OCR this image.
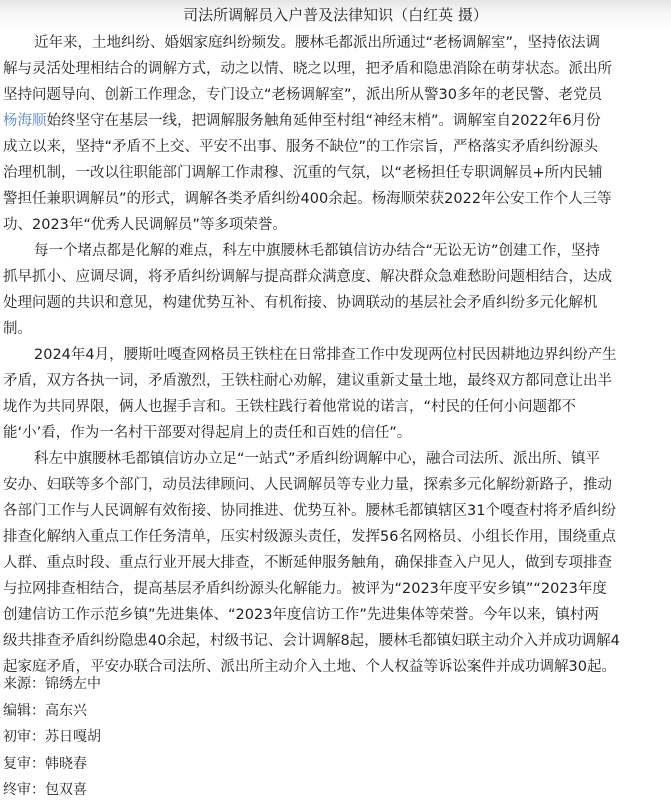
司法所调解员入户普及法律知识（白红英 摄）

近年来，土地纠纷、婚姻家庭纠纷频发。腰林毛都派出所通过“老杨调解室”，坚持依法调
解与灵活处理相结合的调解方式，动之以情、晓之以理，把矛盾和隐患消除在萌芽状态。派出所
坚持问题导向、创新工作理念，专门设立“老杨调解室”，派出所从警30多年的老民警、老党员
杨海顺始终坚守在基层一线，把调解服务触角延伸至村组“神经末梢”。调解室自2022年6月份
成立以来，坚持“矛盾不上交、平安不出事、服务不缺位”的工作宗旨，严格落实矛盾纠纷源头
治理机制，一改以往职能部门调解工作肃穆、沉重的气氛，以“老杨担任专职调解员+所内民辅
警担任兼职调解员”的形式，调解各类矛盾纠纷400余起。杨海顺荣获2022年公安工作个人三等
功、2023年“优秀人民调解员”等多项荣誉。

每一个堵点都是化解的难点，科左中旗腰林毛都镇信访办结合“无讼无访”创建工作，坚持
抓早抓小、应调尽调，将矛盾纠纷调解与提高群众满意度、解决群众急难愁盼问题相结合，达成
处理问题的共识和意见，构建优势互补、有机衔接、协调联动的基层社会矛盾纠纷多元化解机
制。

2024年4月，腰斯吐嘎查网格员王铁柱在日常排查工作中发现两位村民因耕地边界纠纷产生
矛盾，双方各执一词，矛盾激烈，王铁柱耐心劝解，建议重新丈量土地，最终双方都同意让出半
垅作为共同界限，俩人也握手言和。王铁柱践行着他常说的诺言，“村民的任何小问题都不
能‘小’看，作为一名村干部要对得起肩上的责任和百姓的信任”。

科左中旗腰林毛都镇信访办立足“一站式”矛盾纠纷调解中心，融合司法所、派出所、镇平
安办、妇联等多个部门，动员法律顾问、人民调解员等专业力量，探索多元化解纷新路子，推动
各部门工作与人民调解有效衔接、协同推进、优势互补。腰林毛都镇辖区31个嘎查村将矛盾纠纷
排查化解纳入重点工作任务清单，压实村级源头责任，发挥56名网格员、小组长作用，围绕重点
人群、重点时段、重点行业开展大排查，不断延伸服务触角，确保排查入户见人，做到专项排查
与拉网排查相结合，提高基层矛盾纠纷源头化解能力。被评为“2023年度平安乡镇”“2023年度
创建信访工作示范乡镇”先进集体、“2023年度信访工作”先进集体等荣誉。今年以来，镇村两
级共排查矛盾纠纷隐患40余起，村级书记、会计调解8起，腰林毛都镇妇联主动介入并成功调解4
起家庭矛盾，平安办联合司法所、派出所主动介入土地、个人权益等诉讼案件并成功调解30起。

来源：锦绣左中
编辑：高东兴
初审：苏日嘎胡
复审：韩晓春
终审：包双喜
